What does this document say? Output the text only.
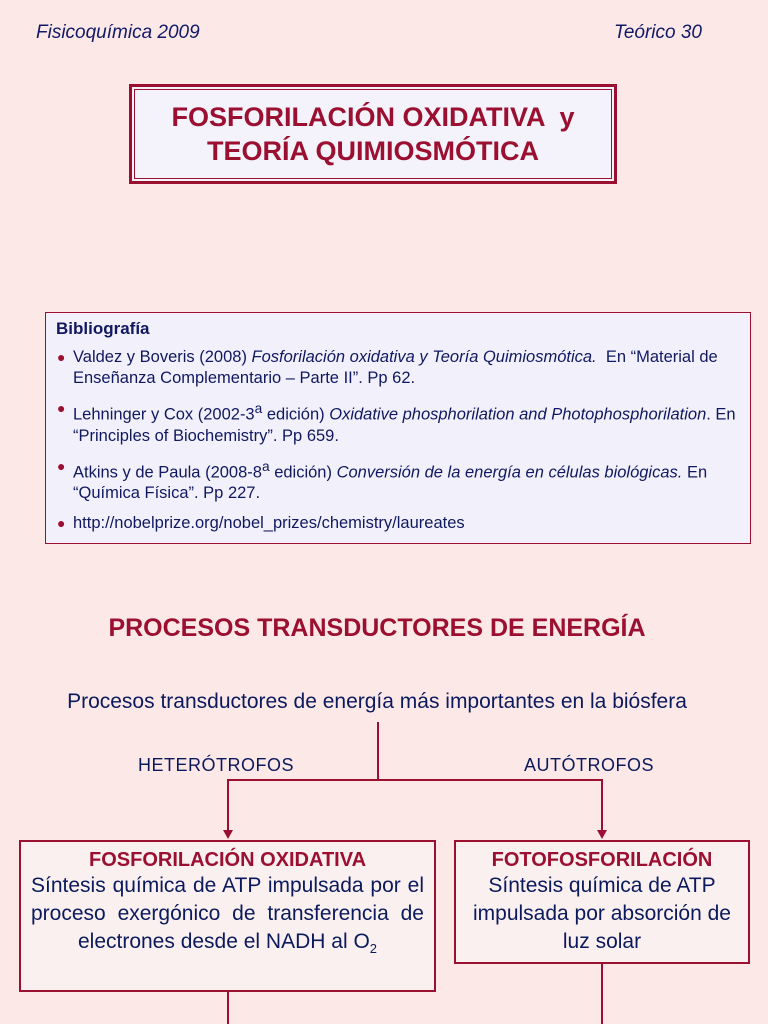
Fisicoquímica 2009	Teórico 30
FOSFORILACIÓN OXIDATIVA  y
TEORÍA QUIMIOSMÓTICA
Bibliografía
● Valdez y Boveris (2008) Fosforilación oxidativa y Teoría Quimiosmótica.  En “Material de Enseñanza Complementario – Parte II”. Pp 62.
● Lehninger y Cox (2002-3$^a$ edición) Oxidative phosphorilation and Photophosphorilation. En “Principles of Biochemistry”. Pp 659.
● Atkins y de Paula (2008-8$^a$ edición) Conversión de la energía en células biológicas. En “Química Física”. Pp 227.
● http://nobelprize.org/nobel_prizes/chemistry/laureates
PROCESOS TRANSDUCTORES DE ENERGÍA
Procesos transductores de energía más importantes en la biósfera
HETERÓTROFOS	AUTÓTROFOS
FOSFORILACIÓN OXIDATIVA
Síntesis química de ATP impulsada por el proceso exergónico de transferencia de electrones desde el NADH al $O_2$
FOTOFOSFORILACIÓN
Síntesis química de ATP impulsada por absorción de luz solar
